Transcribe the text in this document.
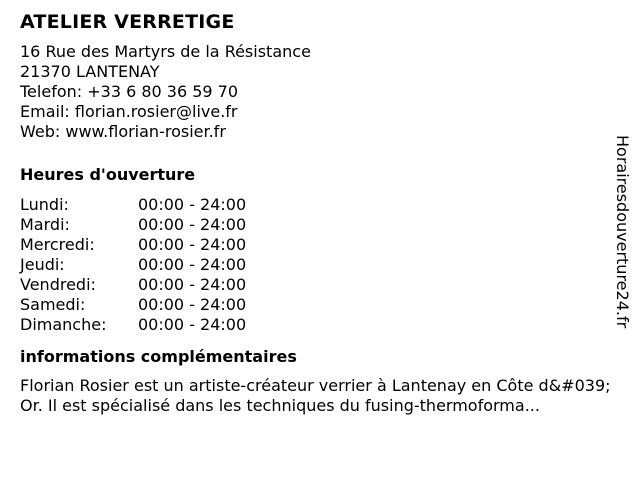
ATELIER VERRETIGE
16 Rue des Martyrs de la Résistance
21370 LANTENAY
Telefon: +33 6 80 36 59 70
Email: florian.rosier@live.fr
Web: www.florian-rosier.fr
Heures d'ouverture
Lundi:	00:00 - 24:00
Mardi:	00:00 - 24:00
Mercredi:	00:00 - 24:00
Jeudi:	00:00 - 24:00
Vendredi:	00:00 - 24:00
Samedi:	00:00 - 24:00
Dimanche:	00:00 - 24:00
informations complémentaires
Florian Rosier est un artiste-créateur verrier à Lantenay en Côte d&#039;Or. Il est spécialisé dans les techniques du fusing-thermoforma...
Horairesdouverture24.fr
